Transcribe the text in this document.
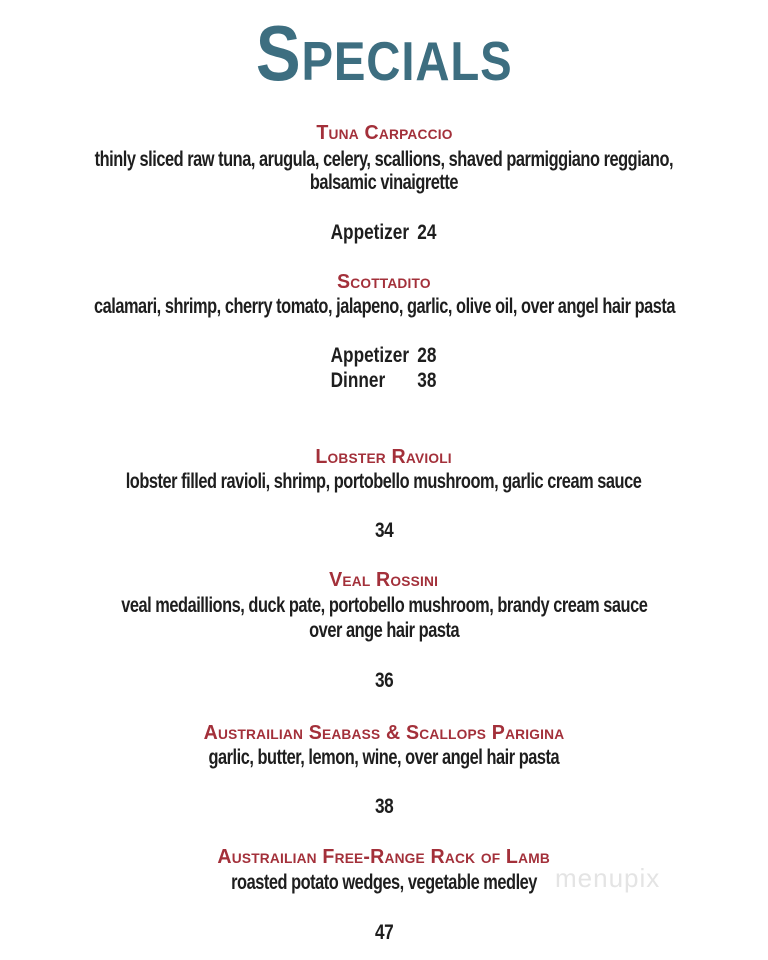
Specials
Tuna Carpaccio
thinly sliced raw tuna, arugula, celery, scallions, shaved parmiggiano reggiano,
balsamic vinaigrette
Appetizer	24
Scottadito
calamari, shrimp, cherry tomato, jalapeno, garlic, olive oil, over angel hair pasta
Appetizer	28
Dinner	38
Lobster Ravioli
lobster filled ravioli, shrimp, portobello mushroom, garlic cream sauce
34
Veal Rossini
veal medaillions, duck pate, portobello mushroom, brandy cream sauce
over ange hair pasta
36
Austrailian Seabass & Scallops Parigina
garlic, butter, lemon, wine, over angel hair pasta
38
Austrailian Free-Range Rack of Lamb
roasted potato wedges, vegetable medley
47
menupix
